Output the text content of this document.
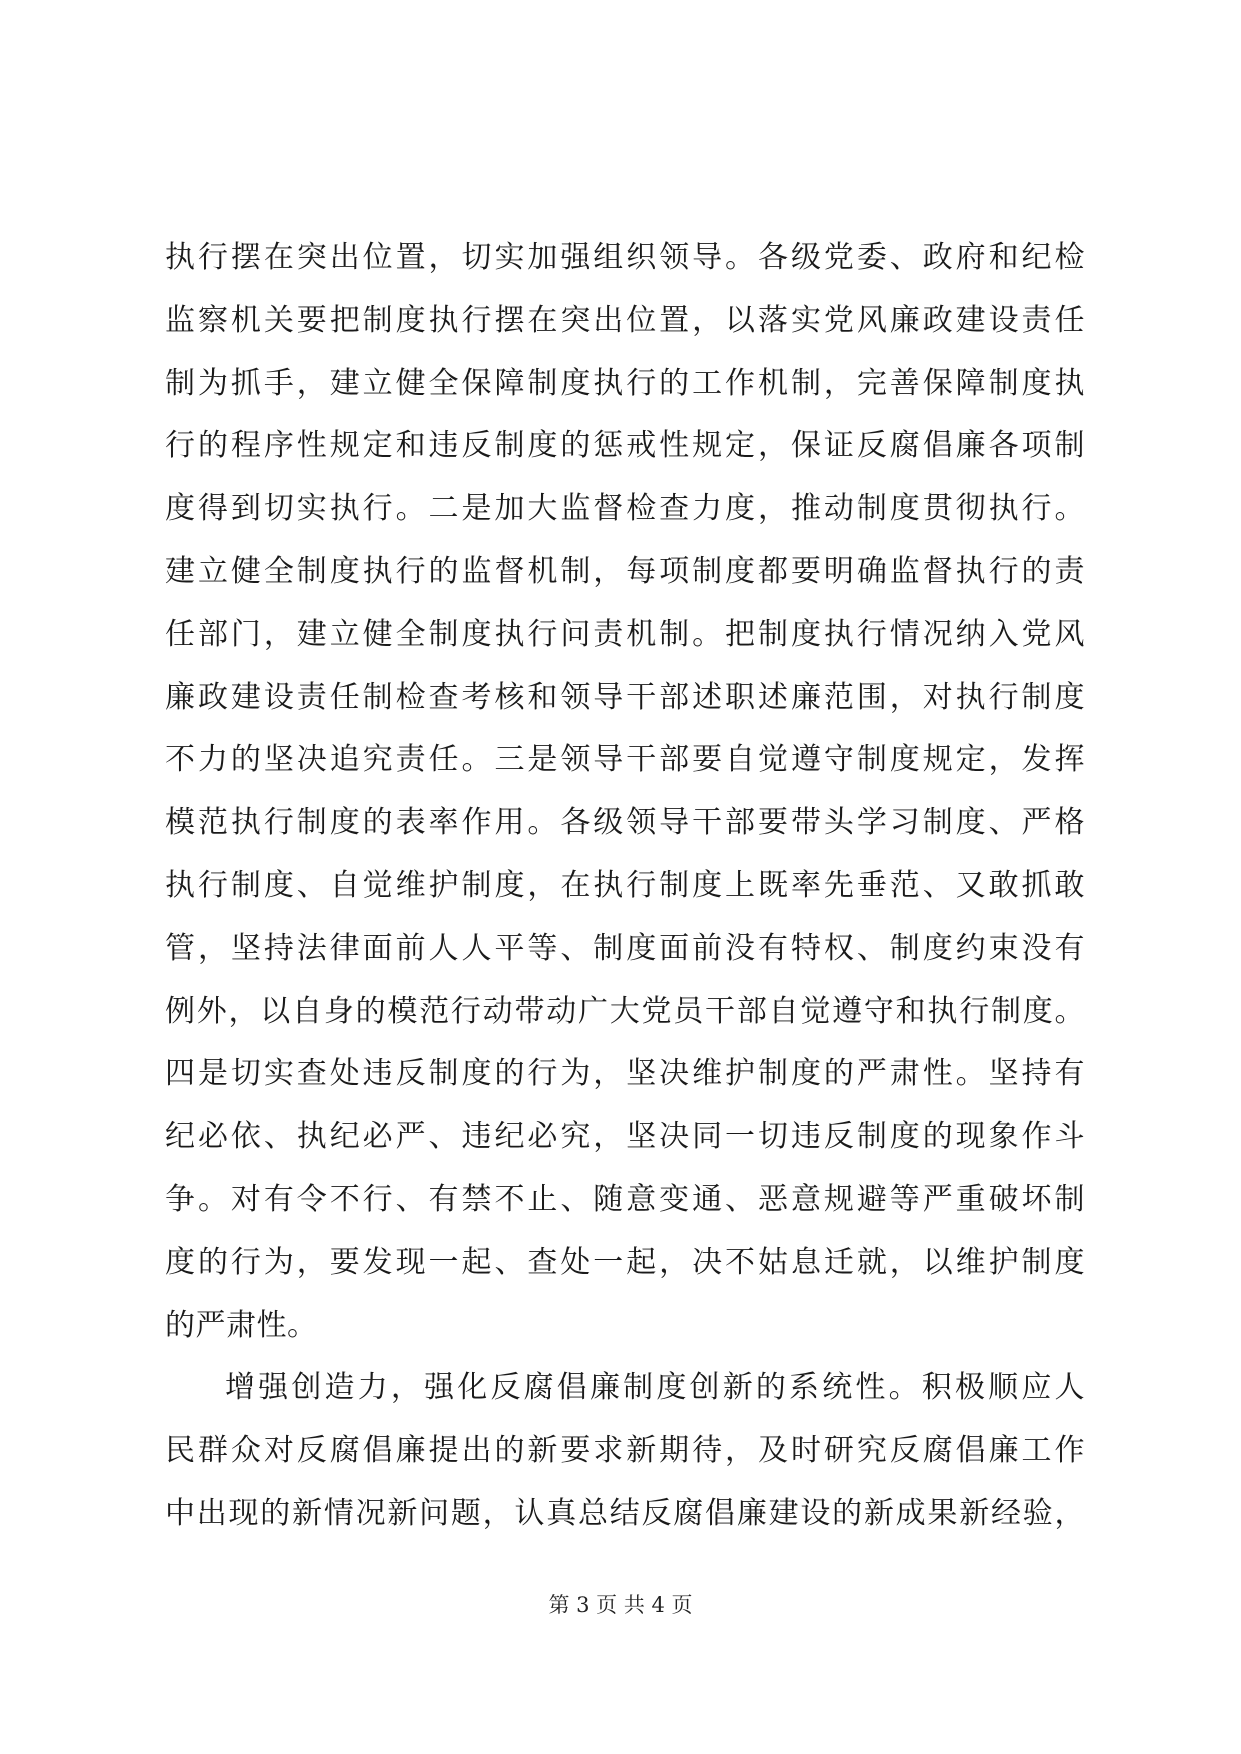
执行摆在突出位置，切实加强组织领导。各级党委、政府和纪检
监察机关要把制度执行摆在突出位置，以落实党风廉政建设责任
制为抓手，建立健全保障制度执行的工作机制，完善保障制度执
行的程序性规定和违反制度的惩戒性规定，保证反腐倡廉各项制
度得到切实执行。二是加大监督检查力度，推动制度贯彻执行。
建立健全制度执行的监督机制，每项制度都要明确监督执行的责
任部门，建立健全制度执行问责机制。把制度执行情况纳入党风
廉政建设责任制检查考核和领导干部述职述廉范围，对执行制度
不力的坚决追究责任。三是领导干部要自觉遵守制度规定，发挥
模范执行制度的表率作用。各级领导干部要带头学习制度、严格
执行制度、自觉维护制度，在执行制度上既率先垂范、又敢抓敢
管，坚持法律面前人人平等、制度面前没有特权、制度约束没有
例外，以自身的模范行动带动广大党员干部自觉遵守和执行制度。
四是切实查处违反制度的行为，坚决维护制度的严肃性。坚持有
纪必依、执纪必严、违纪必究，坚决同一切违反制度的现象作斗
争。对有令不行、有禁不止、随意变通、恶意规避等严重破坏制
度的行为，要发现一起、查处一起，决不姑息迁就，以维护制度
的严肃性。
增强创造力，强化反腐倡廉制度创新的系统性。积极顺应人
民群众对反腐倡廉提出的新要求新期待，及时研究反腐倡廉工作
中出现的新情况新问题，认真总结反腐倡廉建设的新成果新经验，
第 3 页 共 4 页
